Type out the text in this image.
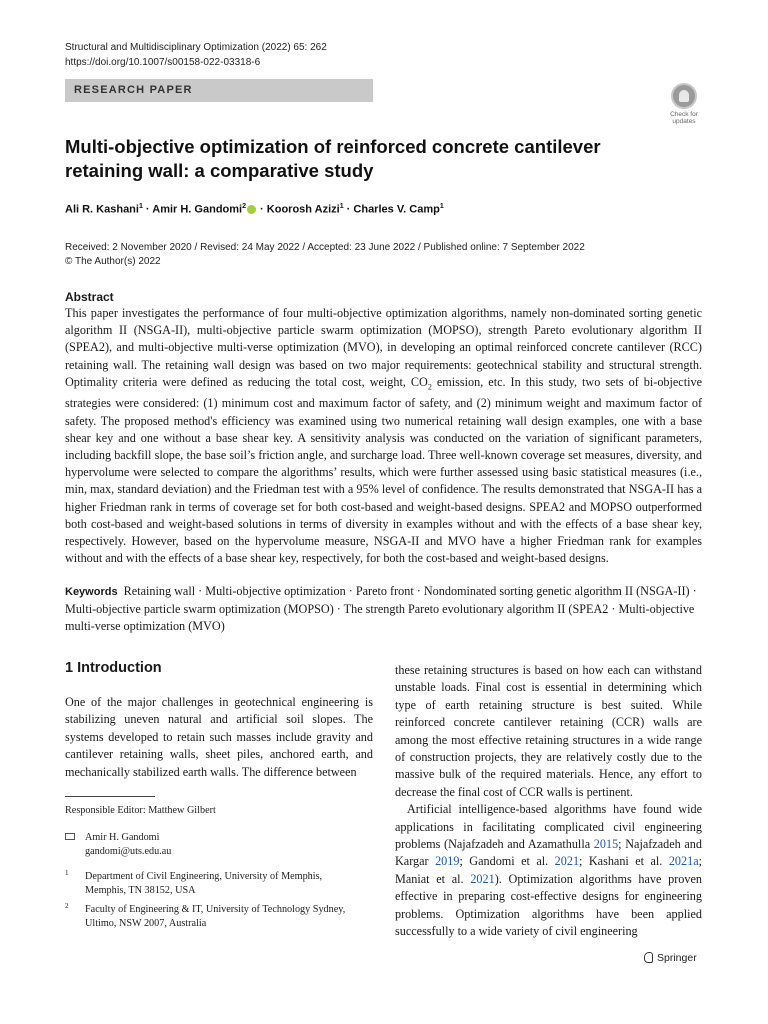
Structural and Multidisciplinary Optimization (2022) 65: 262
https://doi.org/10.1007/s00158-022-03318-6
RESEARCH PAPER
Check for
updates
Multi-objective optimization of reinforced concrete cantilever retaining wall: a comparative study
Ali R. Kashani$^1$ · Amir H. Gandomi$^2$ · Koorosh Azizi$^1$ · Charles V. Camp$^1$
Received: 2 November 2020 / Revised: 24 May 2022 / Accepted: 23 June 2022 / Published online: 7 September 2022
© The Author(s) 2022
Abstract
This paper investigates the performance of four multi-objective optimization algorithms, namely non-dominated sorting genetic algorithm II (NSGA-II), multi-objective particle swarm optimization (MOPSO), strength Pareto evolutionary algorithm II (SPEA2), and multi-objective multi-verse optimization (MVO), in developing an optimal reinforced concrete cantilever (RCC) retaining wall. The retaining wall design was based on two major requirements: geotechnical stability and structural strength. Optimality criteria were defined as reducing the total cost, weight, $CO_2$ emission, etc. In this study, two sets of bi-objective strategies were considered: (1) minimum cost and maximum factor of safety, and (2) minimum weight and maximum factor of safety. The proposed method's efficiency was examined using two numerical retaining wall design examples, one with a base shear key and one without a base shear key. A sensitivity analysis was conducted on the variation of significant parameters, including backfill slope, the base soil’s friction angle, and surcharge load. Three well-known coverage set measures, diversity, and hypervolume were selected to compare the algorithms’ results, which were further assessed using basic statistical measures (i.e., min, max, standard deviation) and the Friedman test with a 95% level of confidence. The results demonstrated that NSGA-II has a higher Friedman rank in terms of coverage set for both cost-based and weight-based designs. SPEA2 and MOPSO outperformed both cost-based and weight-based solutions in terms of diversity in examples without and with the effects of a base shear key, respectively. However, based on the hypervolume measure, NSGA-II and MVO have a higher Friedman rank for examples without and with the effects of a base shear key, respectively, for both the cost-based and weight-based designs.
Keywords Retaining wall · Multi-objective optimization · Pareto front · Nondominated sorting genetic algorithm II (NSGA-II) · Multi-objective particle swarm optimization (MOPSO) · The strength Pareto evolutionary algorithm II (SPEA2 · Multi-objective multi-verse optimization (MVO)
1 Introduction

One of the major challenges in geotechnical engineering is stabilizing uneven natural and artificial soil slopes. The systems developed to retain such masses include gravity and cantilever retaining walls, sheet piles, anchored earth, and mechanically stabilized earth walls. The difference between

these retaining structures is based on how each can withstand unstable loads. Final cost is essential in determining which type of earth retaining structure is best suited. While reinforced concrete cantilever retaining (CCR) walls are among the most effective retaining structures in a wide range of construction projects, they are relatively costly due to the massive bulk of the required materials. Hence, any effort to decrease the final cost of CCR walls is pertinent.

Artificial intelligence-based algorithms have found wide applications in facilitating complicated civil engineering problems (Najafzadeh and Azamathulla 2015; Najafzadeh and Kargar 2019; Gandomi et al. 2021; Kashani et al. 2021a; Maniat et al. 2021). Optimization algorithms have proven effective in preparing cost-effective designs for engineering problems. Optimization algorithms have been applied successfully to a wide variety of civil engineering

Responsible Editor: Matthew Gilbert
Amir H. Gandomi
gandomi@uts.edu.au
1 Department of Civil Engineering, University of Memphis, Memphis, TN 38152, USA
2 Faculty of Engineering & IT, University of Technology Sydney, Ultimo, NSW 2007, Australia
Springer
